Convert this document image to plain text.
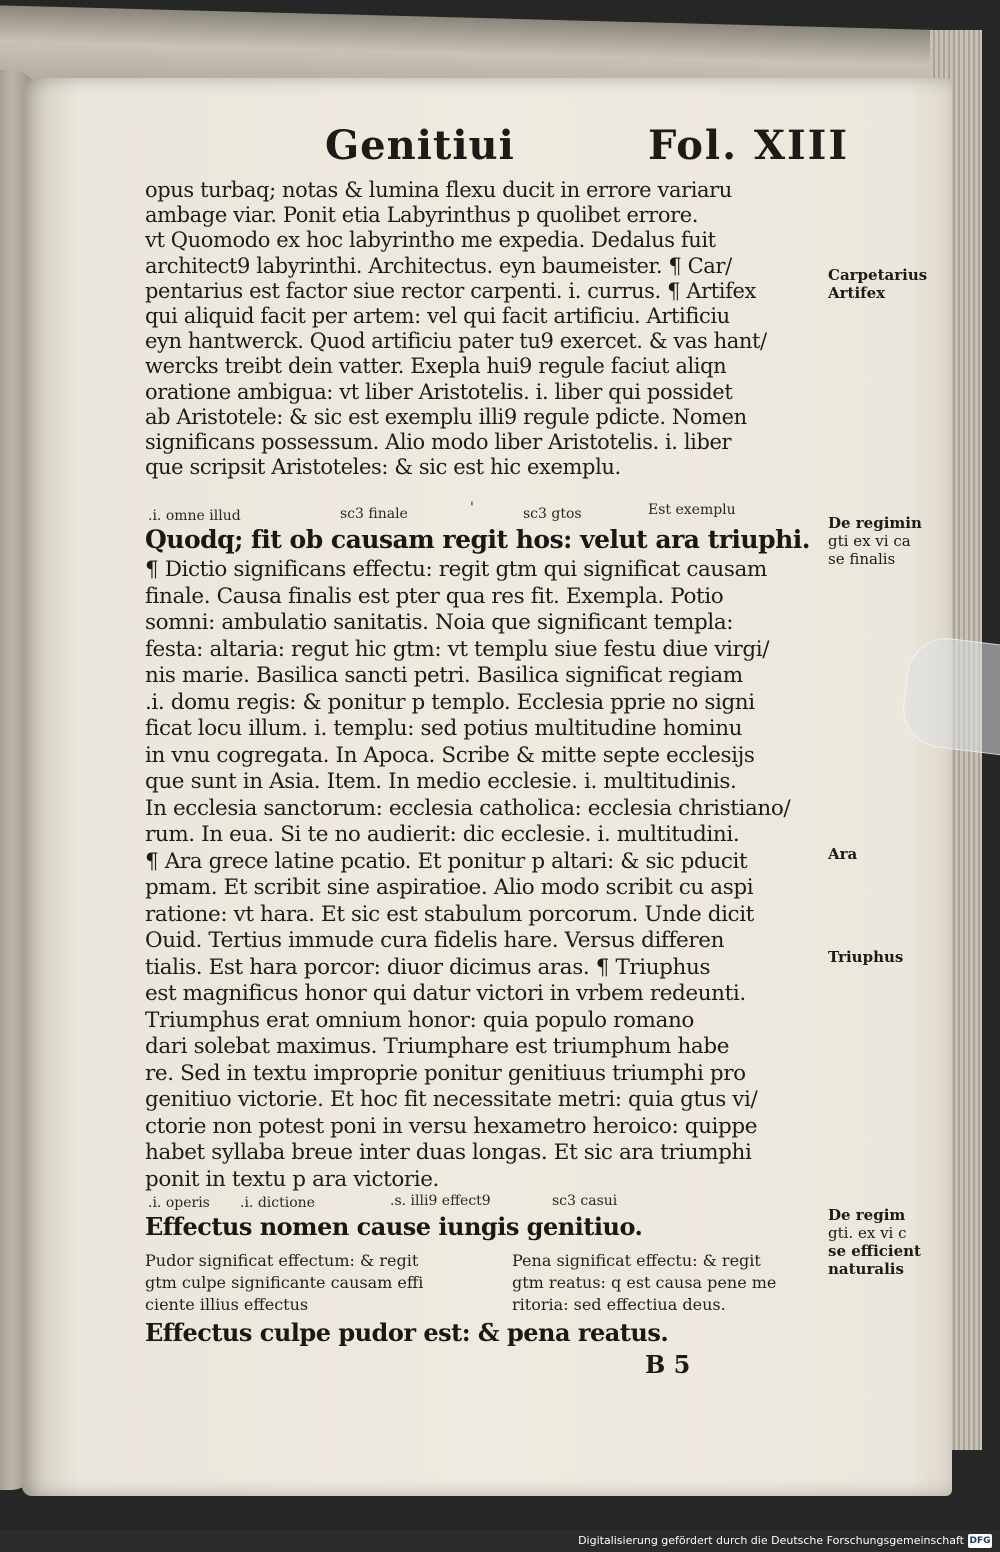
Genitiui	Fol. XIII
opus turbaq; notas & lumina flexu ducit in errore variaru
ambage viar. Ponit etia Labyrinthus p quolibet errore.
vt Quomodo ex hoc labyrintho me expedia. Dedalus fuit
architect9 labyrinthi. Architectus. eyn baumeister. ¶ Car/
pentarius est factor siue rector carpenti. i. currus. ¶ Artifex
qui aliquid facit per artem: vel qui facit artificiu. Artificiu
eyn hantwerck. Quod artificiu pater tu9 exercet. & vas hant/
wercks treibt dein vatter. Exepla hui9 regule faciut aliqn
oratione ambigua: vt liber Aristotelis. i. liber qui possidet
ab Aristotele: & sic est exemplu illi9 regule pdicte. Nomen
significans possessum. Alio modo liber Aristotelis. i. liber
que scripsit Aristoteles: & sic est hic exemplu.
.i. omne illud	sc3 finale	'	sc3 gtos	Est exemplu
Quodq; fit ob causam regit hos: velut ara triuphi.
¶ Dictio significans effectu: regit gtm qui significat causam
finale. Causa finalis est pter qua res fit. Exempla. Potio
somni: ambulatio sanitatis. Noia que significant templa:
festa: altaria: regut hic gtm: vt templu siue festu diue virgi/
nis marie. Basilica sancti petri. Basilica significat regiam
.i. domu regis: & ponitur p templo. Ecclesia pprie no signi
ficat locu illum. i. templu: sed potius multitudine hominu
in vnu cogregata. In Apoca. Scribe & mitte septe ecclesijs
que sunt in Asia. Item. In medio ecclesie. i. multitudinis.
In ecclesia sanctorum: ecclesia catholica: ecclesia christiano/
rum. In eua. Si te no audierit: dic ecclesie. i. multitudini.
¶ Ara grece latine pcatio. Et ponitur p altari: & sic pducit
pmam. Et scribit sine aspiratioe. Alio modo scribit cu aspi
ratione: vt hara. Et sic est stabulum porcorum. Unde dicit
Ouid. Tertius immude cura fidelis hare. Versus differen
tialis. Est hara porcor: diuor dicimus aras. ¶ Triuphus
est magnificus honor qui datur victori in vrbem redeunti.
Triumphus erat omnium honor: quia populo romano
dari solebat maximus. Triumphare est triumphum habe
re. Sed in textu improprie ponitur genitiuus triumphi pro
genitiuo victorie. Et hoc fit necessitate metri: quia gtus vi/
ctorie non potest poni in versu hexametro heroico: quippe
habet syllaba breue inter duas longas. Et sic ara triumphi
ponit in textu p ara victorie.
.i. operis .i. dictione	.s. illi9 effect9	sc3 casui
Effectus nomen cause iungis genitiuo.
Pudor significat effectum: & regit
gtm culpe significante causam effi
ciente illius effectus
Pena significat effectu: & regit
gtm reatus: q est causa pene me
ritoria: sed effectiua deus.
Effectus culpe pudor est: & pena reatus.
B 5
Carpetarius
Artifex
De regimin
gti ex vi ca
se finalis
Ara
Triuphus
De regim
gti. ex vi c
se efficient
naturalis
Digitalisierung gefördert durch die Deutsche Forschungsgemeinschaft DFG
